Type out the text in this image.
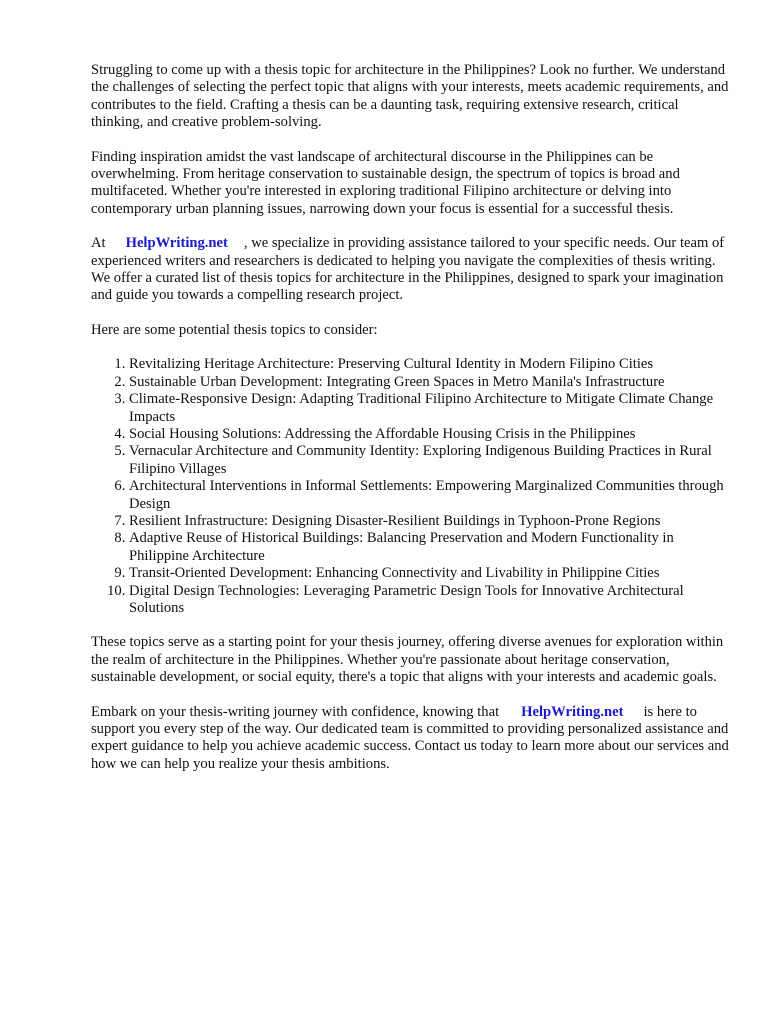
Struggling to come up with a thesis topic for architecture in the Philippines? Look no further. We understand the challenges of selecting the perfect topic that aligns with your interests, meets academic requirements, and contributes to the field. Crafting a thesis can be a daunting task, requiring extensive research, critical thinking, and creative problem-solving.

Finding inspiration amidst the vast landscape of architectural discourse in the Philippines can be overwhelming. From heritage conservation to sustainable design, the spectrum of topics is broad and multifaceted. Whether you're interested in exploring traditional Filipino architecture or delving into contemporary urban planning issues, narrowing down your focus is essential for a successful thesis.

At HelpWriting.net , we specialize in providing assistance tailored to your specific needs. Our team of experienced writers and researchers is dedicated to helping you navigate the complexities of thesis writing. We offer a curated list of thesis topics for architecture in the Philippines, designed to spark your imagination and guide you towards a compelling research project.

Here are some potential thesis topics to consider:

1. Revitalizing Heritage Architecture: Preserving Cultural Identity in Modern Filipino Cities
2. Sustainable Urban Development: Integrating Green Spaces in Metro Manila's Infrastructure
3. Climate-Responsive Design: Adapting Traditional Filipino Architecture to Mitigate Climate Change Impacts
4. Social Housing Solutions: Addressing the Affordable Housing Crisis in the Philippines
5. Vernacular Architecture and Community Identity: Exploring Indigenous Building Practices in Rural Filipino Villages
6. Architectural Interventions in Informal Settlements: Empowering Marginalized Communities through Design
7. Resilient Infrastructure: Designing Disaster-Resilient Buildings in Typhoon-Prone Regions
8. Adaptive Reuse of Historical Buildings: Balancing Preservation and Modern Functionality in Philippine Architecture
9. Transit-Oriented Development: Enhancing Connectivity and Livability in Philippine Cities
10. Digital Design Technologies: Leveraging Parametric Design Tools for Innovative Architectural Solutions

These topics serve as a starting point for your thesis journey, offering diverse avenues for exploration within the realm of architecture in the Philippines. Whether you're passionate about heritage conservation, sustainable development, or social equity, there's a topic that aligns with your interests and academic goals.

Embark on your thesis-writing journey with confidence, knowing that HelpWriting.net is here to support you every step of the way. Our dedicated team is committed to providing personalized assistance and expert guidance to help you achieve academic success. Contact us today to learn more about our services and how we can help you realize your thesis ambitions.
